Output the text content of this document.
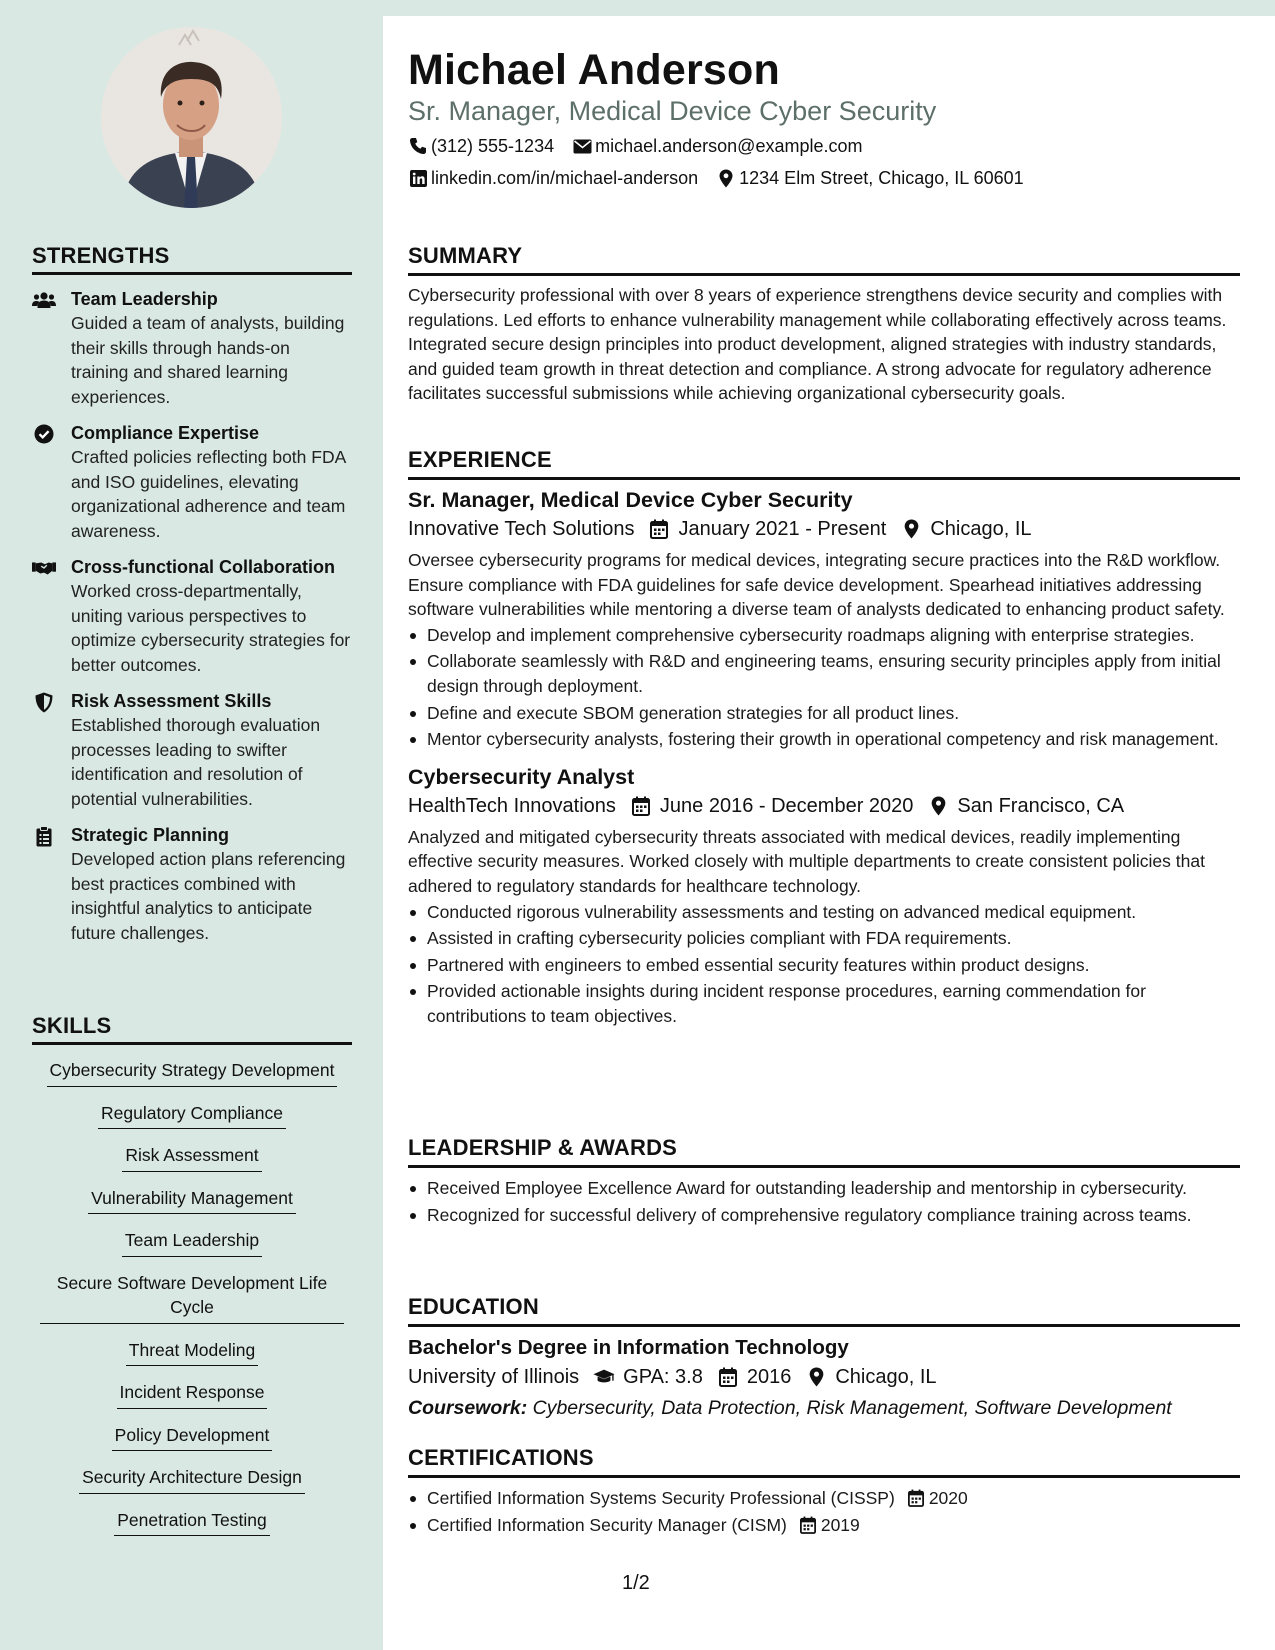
STRENGTHS
Team Leadership
Guided a team of analysts, building their skills through hands-on training and shared learning experiences.
Compliance Expertise
Crafted policies reflecting both FDA and ISO guidelines, elevating organizational adherence and team awareness.
Cross-functional Collaboration
Worked cross-departmentally, uniting various perspectives to optimize cybersecurity strategies for better outcomes.
Risk Assessment Skills
Established thorough evaluation processes leading to swifter identification and resolution of potential vulnerabilities.
Strategic Planning
Developed action plans referencing best practices combined with insightful analytics to anticipate future challenges.
SKILLS
Cybersecurity Strategy Development
Regulatory Compliance
Risk Assessment
Vulnerability Management
Team Leadership
Secure Software Development Life Cycle
Threat Modeling
Incident Response
Policy Development
Security Architecture Design
Penetration Testing
Michael Anderson
Sr. Manager, Medical Device Cyber Security
(312) 555-1234 michael.anderson@example.com
linkedin.com/in/michael-anderson 1234 Elm Street, Chicago, IL 60601
SUMMARY
Cybersecurity professional with over 8 years of experience strengthens device security and complies with regulations. Led efforts to enhance vulnerability management while collaborating effectively across teams. Integrated secure design principles into product development, aligned strategies with industry standards, and guided team growth in threat detection and compliance. A strong advocate for regulatory adherence facilitates successful submissions while achieving organizational cybersecurity goals.
EXPERIENCE
Sr. Manager, Medical Device Cyber Security
Innovative Tech Solutions January 2021 - Present Chicago, IL
Oversee cybersecurity programs for medical devices, integrating secure practices into the R&D workflow. Ensure compliance with FDA guidelines for safe device development. Spearhead initiatives addressing software vulnerabilities while mentoring a diverse team of analysts dedicated to enhancing product safety.
Develop and implement comprehensive cybersecurity roadmaps aligning with enterprise strategies.
Collaborate seamlessly with R&D and engineering teams, ensuring security principles apply from initial design through deployment.
Define and execute SBOM generation strategies for all product lines.
Mentor cybersecurity analysts, fostering their growth in operational competency and risk management.
Cybersecurity Analyst
HealthTech Innovations June 2016 - December 2020 San Francisco, CA
Analyzed and mitigated cybersecurity threats associated with medical devices, readily implementing effective security measures. Worked closely with multiple departments to create consistent policies that adhered to regulatory standards for healthcare technology.
Conducted rigorous vulnerability assessments and testing on advanced medical equipment.
Assisted in crafting cybersecurity policies compliant with FDA requirements.
Partnered with engineers to embed essential security features within product designs.
Provided actionable insights during incident response procedures, earning commendation for contributions to team objectives.
LEADERSHIP & AWARDS
Received Employee Excellence Award for outstanding leadership and mentorship in cybersecurity.
Recognized for successful delivery of comprehensive regulatory compliance training across teams.
EDUCATION
Bachelor's Degree in Information Technology
University of Illinois GPA: 3.8 2016 Chicago, IL
Coursework: Cybersecurity, Data Protection, Risk Management, Software Development
CERTIFICATIONS
Certified Information Systems Security Professional (CISSP) 2020
Certified Information Security Manager (CISM) 2019
1/2
